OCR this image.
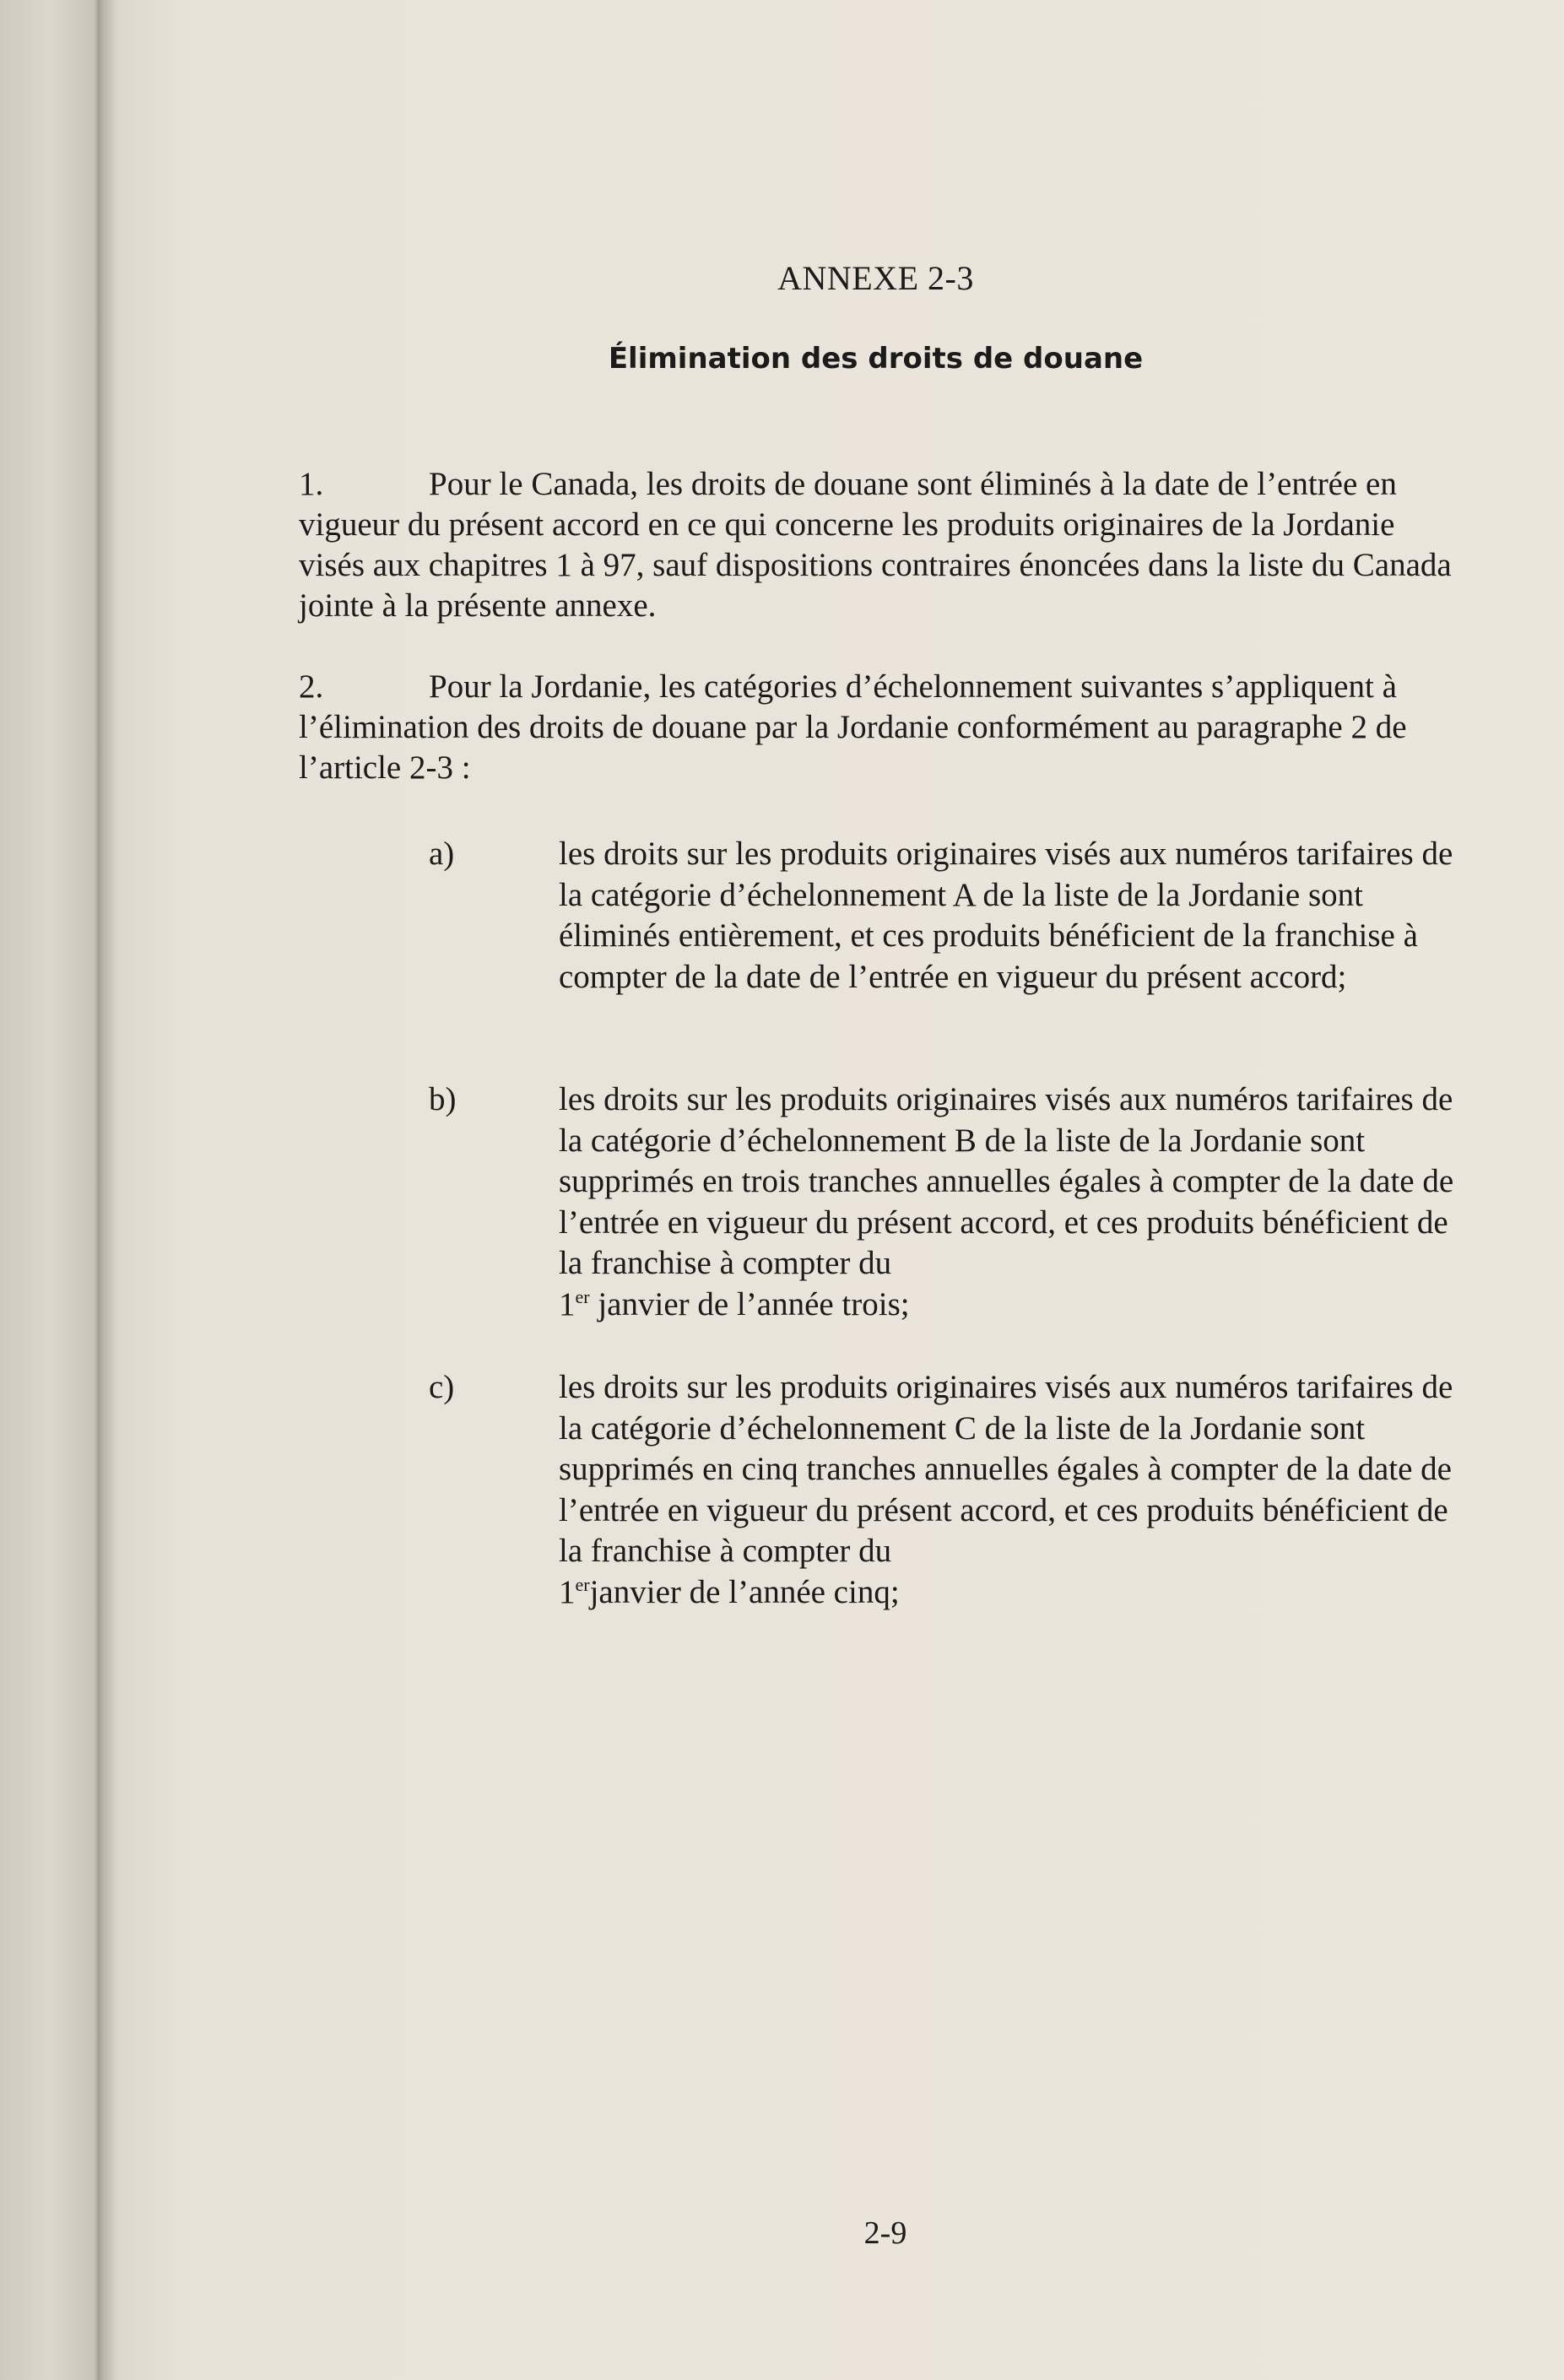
ANNEXE 2-3
Élimination des droits de douane
1.	Pour le Canada, les droits de douane sont éliminés à la date de l’entrée en vigueur du présent accord en ce qui concerne les produits originaires de la Jordanie visés aux chapitres 1 à 97, sauf dispositions contraires énoncées dans la liste du Canada jointe à la présente annexe.
2.	Pour la Jordanie, les catégories d’échelonnement suivantes s’appliquent à l’élimination des droits de douane par la Jordanie conformément au paragraphe 2 de l’article 2-3 :
a)	les droits sur les produits originaires visés aux numéros tarifaires de la catégorie d’échelonnement A de la liste de la Jordanie sont éliminés entièrement, et ces produits bénéficient de la franchise à compter de la date de l’entrée en vigueur du présent accord;
b)	les droits sur les produits originaires visés aux numéros tarifaires de la catégorie d’échelonnement B de la liste de la Jordanie sont supprimés en trois tranches annuelles égales à compter de la date de l’entrée en vigueur du présent accord, et ces produits bénéficient de la franchise à compter du
1er janvier de l’année trois;
c)	les droits sur les produits originaires visés aux numéros tarifaires de la catégorie d’échelonnement C de la liste de la Jordanie sont supprimés en cinq tranches annuelles égales à compter de la date de l’entrée en vigueur du présent accord, et ces produits bénéficient de la franchise à compter du
1erjanvier de l’année cinq;
2-9
